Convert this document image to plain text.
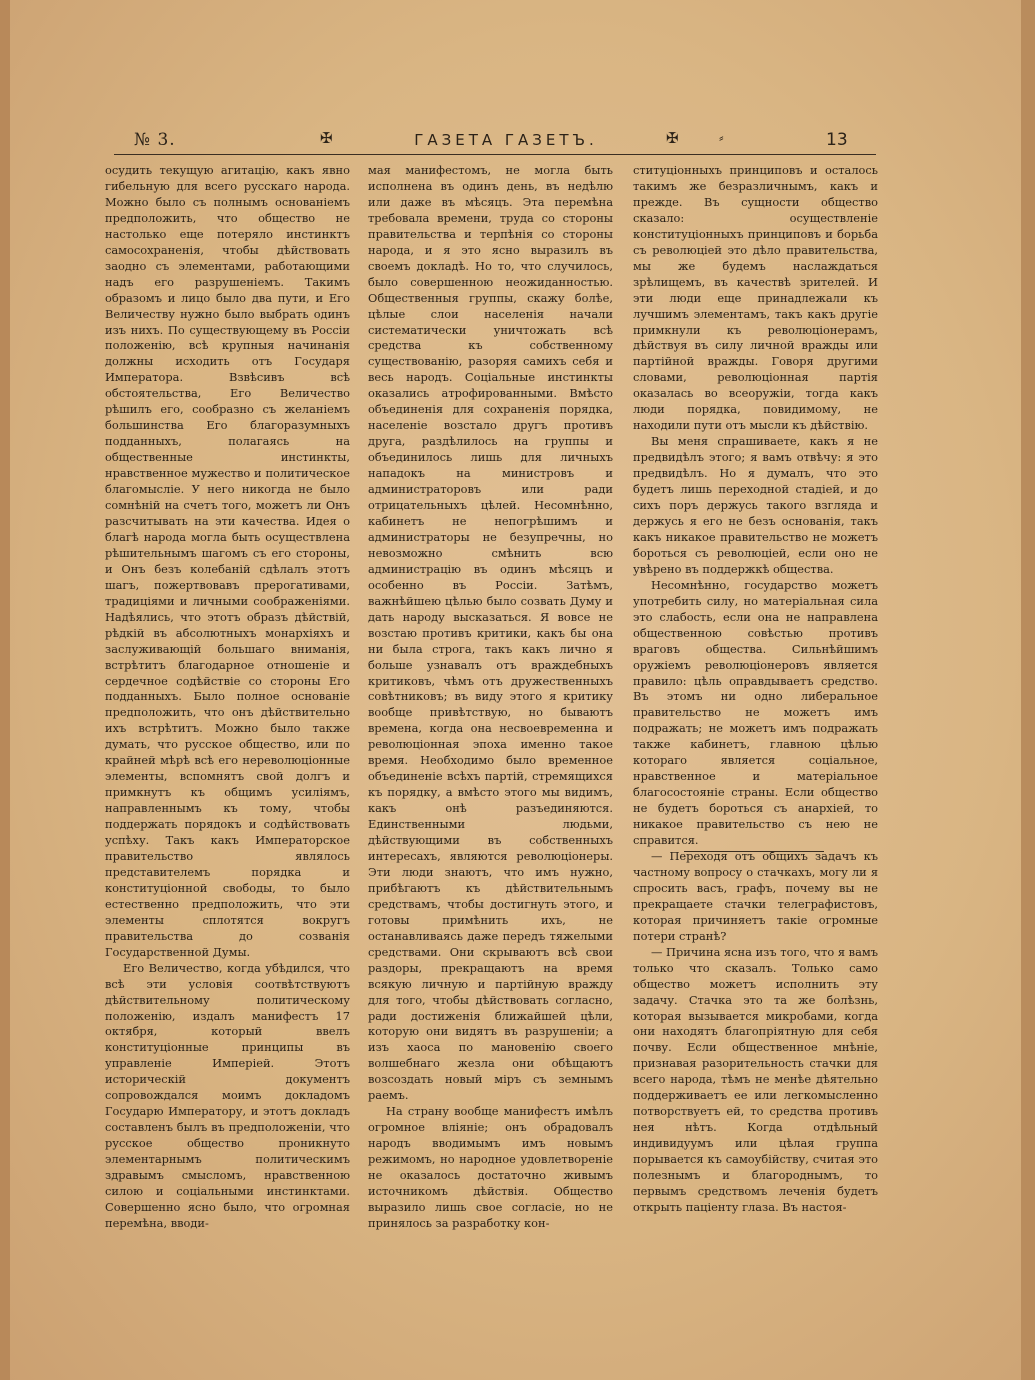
№ 3.	✠	ГАЗЕТА ГАЗЕТЪ.	✠	⸗	13

осудить текущую агитацію, какъ явно гибельную для всего русскаго народа. Можно было съ полнымъ основаніемъ предположить, что общество не настолько еще потеряло инстинктъ самосохраненія, чтобы дѣйствовать заодно съ элементами, работающими надъ его разрушеніемъ. Такимъ образомъ и лицо было два пути, и Его Величеству нужно было выбрать одинъ изъ нихъ. По существующему въ Россіи положенію, всѣ крупныя начинанія должны исходить отъ Государя Императора. Взвѣсивъ всѣ обстоятельства, Его Величество рѣшилъ его, сообразно съ желаніемъ большинства Его благоразумныхъ подданныхъ, полагаясь на общественные инстинкты, нравственное мужество и политическое благомысліе. У него никогда не было сомнѣній на счетъ того, можетъ ли Онъ разсчитывать на эти качества. Идея о благѣ народа могла быть осуществлена рѣшительнымъ шагомъ съ его стороны, и Онъ безъ колебаній сдѣлалъ этотъ шагъ, пожертвовавъ прерогативами, традиціями и личными соображеніями. Надѣялись, что этотъ образъ дѣйствій, рѣдкій въ абсолютныхъ монархіяхъ и заслуживающій большаго вниманія, встрѣтитъ благодарное отношеніе и сердечное содѣйствіе со стороны Его подданныхъ. Было полное основаніе предположить, что онъ дѣйствительно ихъ встрѣтитъ. Можно было также думать, что русское общество, или по крайней мѣрѣ всѣ его нереволюціонные элементы, вспомнятъ свой долгъ и примкнутъ къ общимъ усиліямъ, направленнымъ къ тому, чтобы поддержать порядокъ и содѣйствовать успѣху. Такъ какъ Императорское правительство являлось представителемъ порядка и конституціонной свободы, то было естественно предположить, что эти элементы сплотятся вокругъ правительства до созванія Государственной Думы.

Его Величество, когда убѣдился, что всѣ эти условія соотвѣтствуютъ дѣйствительному политическому положенію, издалъ манифестъ 17 октября, который ввелъ конституціонные принципы въ управленіе Имперіей. Этотъ историческій документъ сопровождался моимъ докладомъ Государю Императору, и этотъ докладъ составленъ былъ въ предположеніи, что русское общество проникнуто элементарнымъ политическимъ здравымъ смысломъ, нравственною силою и соціальными инстинктами. Совершенно ясно было, что огромная перемѣна, вводи-

мая манифестомъ, не могла быть исполнена въ одинъ день, въ недѣлю или даже въ мѣсяцъ. Эта перемѣна требовала времени, труда со стороны правительства и терпѣнія со стороны народа, и я это ясно выразилъ въ своемъ докладѣ. Но то, что случилось, было совершенною неожиданностью. Общественныя группы, скажу болѣе, цѣлые слои населенія начали систематически уничтожать всѣ средства къ собственному существованію, разоряя самихъ себя и весь народъ. Соціальные инстинкты оказались атрофированными. Вмѣсто объединенія для сохраненія порядка, населеніе возстало другъ противъ друга, раздѣлилось на группы и объединилось лишь для личныхъ нападокъ на министровъ и администраторовъ или ради отрицательныхъ цѣлей. Несомнѣнно, кабинетъ не непогрѣшимъ и администраторы не безупречны, но невозможно смѣнить всю администрацію въ одинъ мѣсяцъ и особенно въ Россіи. Затѣмъ, важнѣйшею цѣлью было созвать Думу и дать народу высказаться. Я вовсе не возстаю противъ критики, какъ бы она ни была строга, такъ какъ лично я больше узнавалъ отъ враждебныхъ критиковъ, чѣмъ отъ дружественныхъ совѣтниковъ; въ виду этого я критику вообще привѣтствую, но бываютъ времена, когда она несвоевременна и революціонная эпоха именно такое время. Необходимо было временное объединеніе всѣхъ партій, стремящихся къ порядку, а вмѣсто этого мы видимъ, какъ онѣ разъединяются. Единственными людьми, дѣйствующими въ собственныхъ интересахъ, являются революціонеры. Эти люди знаютъ, что имъ нужно, прибѣгаютъ къ дѣйствительнымъ средствамъ, чтобы достигнуть этого, и готовы примѣнить ихъ, не останавливаясь даже передъ тяжелыми средствами. Они скрываютъ всѣ свои раздоры, прекращаютъ на время всякую личную и партійную вражду для того, чтобы дѣйствовать согласно, ради достиженія ближайшей цѣли, которую они видятъ въ разрушеніи; а изъ хаоса по мановенію своего волшебнаго жезла они обѣщаютъ возсоздать новый міръ съ земнымъ раемъ.

На страну вообще манифестъ имѣлъ огромное вліяніе; онъ обрадовалъ народъ вводимымъ имъ новымъ режимомъ, но народное удовлетвореніе не оказалось достаточно живымъ источникомъ дѣйствія. Общество выразило лишь свое согласіе, но не принялось за разработку кон-

ституціонныхъ принциповъ и осталось такимъ же безразличнымъ, какъ и прежде. Въ сущности общество сказало: осуществленіе конституціонныхъ принциповъ и борьба съ революціей это дѣло правительства, мы же будемъ наслаждаться зрѣлищемъ, въ качествѣ зрителей. И эти люди еще принадлежали къ лучшимъ элементамъ, такъ какъ другіе примкнули къ революціонерамъ, дѣйствуя въ силу личной вражды или партійной вражды. Говоря другими словами, революціонная партія оказалась во всеоружіи, тогда какъ люди порядка, повидимому, не находили пути отъ мысли къ дѣйствію.

Вы меня спрашиваете, какъ я не предвидѣлъ этого; я вамъ отвѣчу: я это предвидѣлъ. Но я думалъ, что это будетъ лишь переходной стадіей, и до сихъ поръ держусь такого взгляда и держусь я его не безъ основанія, такъ какъ никакое правительство не можетъ бороться съ революціей, если оно не увѣрено въ поддержкѣ общества.

Несомнѣнно, государство можетъ употребить силу, но матеріальная сила это слабость, если она не направлена общественною совѣстью противъ враговъ общества. Сильнѣйшимъ оружіемъ революціонеровъ является правило: цѣль оправдываетъ средство. Въ этомъ ни одно либеральное правительство не можетъ имъ подражать; не можетъ имъ подражать также кабинетъ, главною цѣлью котораго является соціальное, нравственное и матеріальное благосостояніе страны. Если общество не будетъ бороться съ анархіей, то никакое правительство съ нею не справится.

— Переходя отъ общихъ задачъ къ частному вопросу о стачкахъ, могу ли я спросить васъ, графъ, почему вы не прекращаете стачки телеграфистовъ, которая причиняетъ такіе огромные потери странѣ?

— Причина ясна изъ того, что я вамъ только что сказалъ. Только само общество можетъ исполнить эту задачу. Стачка это та же болѣзнь, которая вызывается микробами, когда они находятъ благопріятную для себя почву. Если общественное мнѣніе, признавая разорительность стачки для всего народа, тѣмъ не менѣе дѣятельно поддерживаетъ ее или легкомысленно потворствуетъ ей, то средства противъ нея нѣтъ. Когда отдѣльный индивидуумъ или цѣлая группа порывается къ самоубійству, считая это полезнымъ и благороднымъ, то первымъ средствомъ леченія будетъ открыть паціенту глаза. Въ настоя-
